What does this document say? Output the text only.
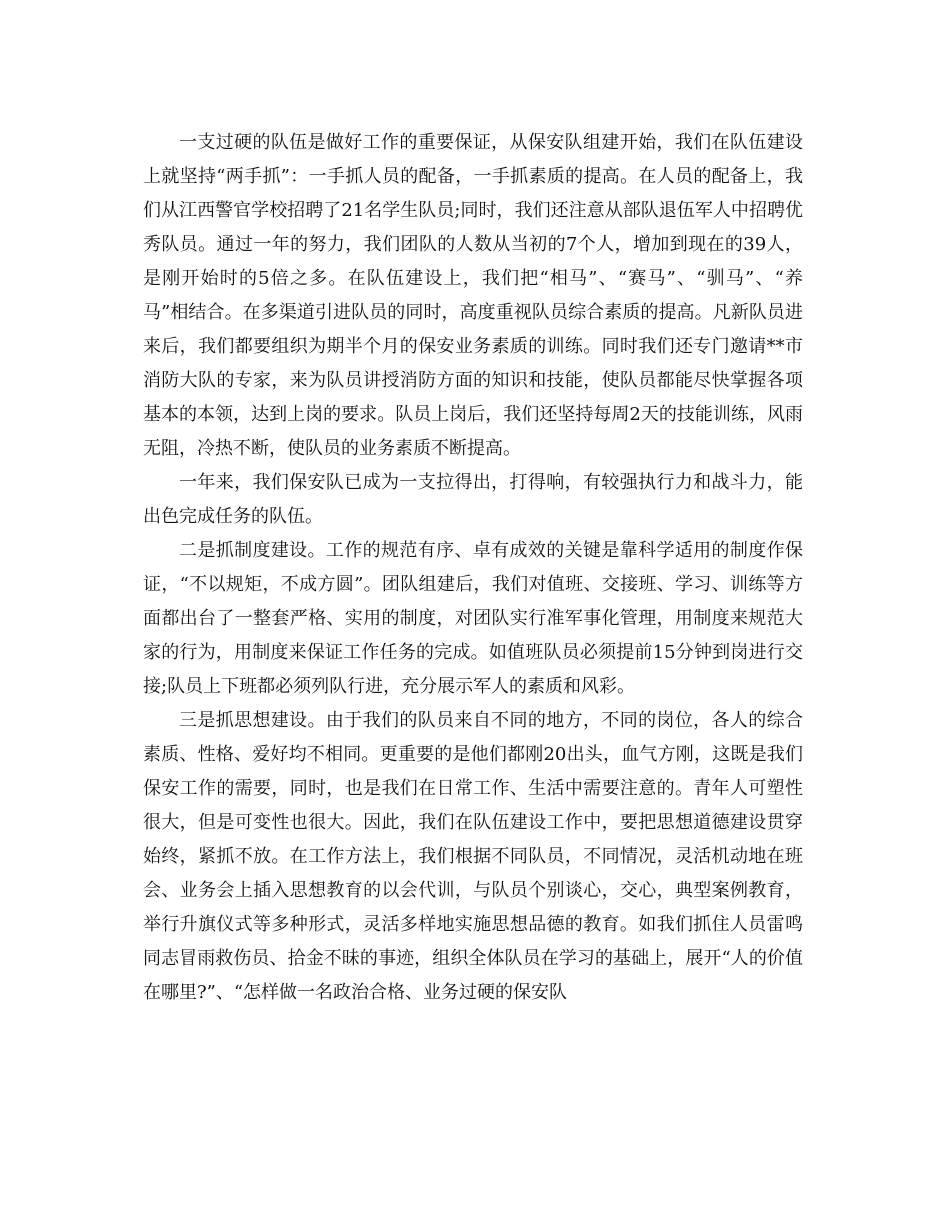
一支过硬的队伍是做好工作的重要保证，从保安队组建开始，我们在队伍建设上就坚持“两手抓”：一手抓人员的配备，一手抓素质的提高。在人员的配备上，我们从江西警官学校招聘了21名学生队员;同时，我们还注意从部队退伍军人中招聘优秀队员。通过一年的努力，我们团队的人数从当初的7个人，增加到现在的39人，是刚开始时的5倍之多。在队伍建设上，我们把“相马”、“赛马”、“驯马”、“养马”相结合。在多渠道引进队员的同时，高度重视队员综合素质的提高。凡新队员进来后，我们都要组织为期半个月的保安业务素质的训练。同时我们还专门邀请**市消防大队的专家，来为队员讲授消防方面的知识和技能，使队员都能尽快掌握各项基本的本领，达到上岗的要求。队员上岗后，我们还坚持每周2天的技能训练，风雨无阻，冷热不断，使队员的业务素质不断提高。

一年来，我们保安队已成为一支拉得出，打得响，有较强执行力和战斗力，能出色完成任务的队伍。

二是抓制度建设。工作的规范有序、卓有成效的关键是靠科学适用的制度作保证，“不以规矩，不成方圆”。团队组建后，我们对值班、交接班、学习、训练等方面都出台了一整套严格、实用的制度，对团队实行准军事化管理，用制度来规范大家的行为，用制度来保证工作任务的完成。如值班队员必须提前15分钟到岗进行交接;队员上下班都必须列队行进，充分展示军人的素质和风彩。

三是抓思想建设。由于我们的队员来自不同的地方，不同的岗位，各人的综合素质、性格、爱好均不相同。更重要的是他们都刚20出头，血气方刚，这既是我们保安工作的需要，同时，也是我们在日常工作、生活中需要注意的。青年人可塑性很大，但是可变性也很大。因此，我们在队伍建设工作中，要把思想道德建设贯穿始终，紧抓不放。在工作方法上，我们根据不同队员，不同情况，灵活机动地在班会、业务会上插入思想教育的以会代训，与队员个别谈心，交心，典型案例教育，举行升旗仪式等多种形式，灵活多样地实施思想品德的教育。如我们抓住人员雷鸣同志冒雨救伤员、拾金不昧的事迹，组织全体队员在学习的基础上，展开“人的价值在哪里?”、“怎样做一名政治合格、业务过硬的保安队
